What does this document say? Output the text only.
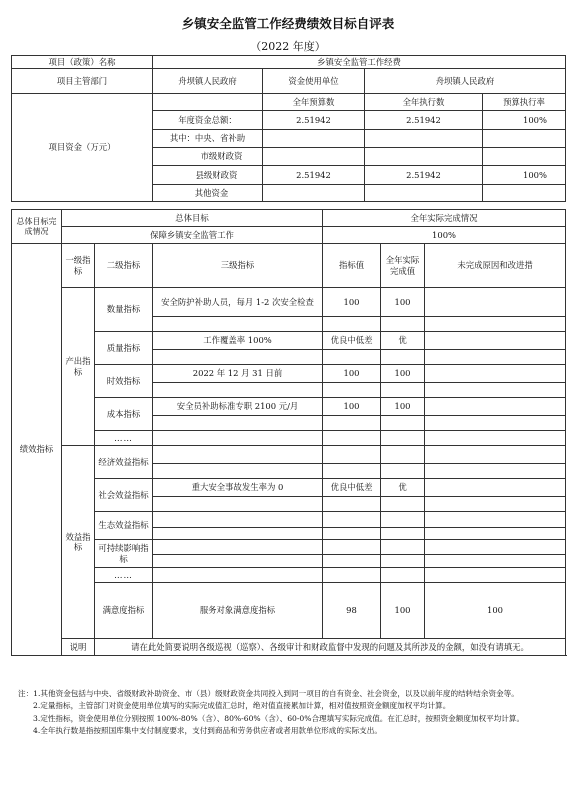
乡镇安全监管工作经费绩效目标自评表
（2022 年度）
项目（政策）名称	乡镇安全监管工作经费			
项目主管部门	舟坝镇人民政府	资金使用单位	舟坝镇人民政府	
项目资金（万元）		全年预算数	全年执行数	预算执行率
	年度资金总额：	2.51942	2.51942	100%
	其中：中央、省补助			
	市级财政资			
	县级财政资	2.51942	2.51942	100%
	其他资金			
总体目标完成情况	总体目标			全年实际完成情况			
	保障乡镇安全监管工作			100%			
绩效指标	一级指标	二级指标	三级指标	指标值	全年实际完成值	未完成原因和改进措	
	产出指标	数量指标	安全防护补助人员，每月 1-2 次安全检查	100	100		

		质量指标	工作覆盖率 100%	优良中低差	优		

		时效指标	2022 年 12 月 31 日前	100	100		

		成本指标	安全员补助标准专职 2100 元/月	100	100		

		……					
	效益指标	经济效益指标					

		社会效益指标	重大安全事故发生率为 0	优良中低差	优		

		生态效益指标					

		可持续影响指标					

		……					
		满意度指标	服务对象满意度指标	98	100	100	
	说明	请在此处简要说明各级巡视（巡察）、各级审计和财政监督中发现的问题及其所涉及的金额，如没有请填无。					

注：1.其他资金包括与中央、省级财政补助资金、市（县）级财政资金共同投入到同一项目的自有资金、社会资金，以及以前年度的结转结余资金等。

2.定量指标，主管部门对资金使用单位填写的实际完成值汇总时，绝对值直接累加计算，相对值按照资金额度加权平均计算。

3.定性指标，资金使用单位分别按照 100%-80%（含）、80%-60%（含）、60-0%合理填写实际完成值。在汇总时，按照资金额度加权平均计算。

4.全年执行数是指按照国库集中支付制度要求，支付到商品和劳务供应者或者用款单位形成的实际支出。
